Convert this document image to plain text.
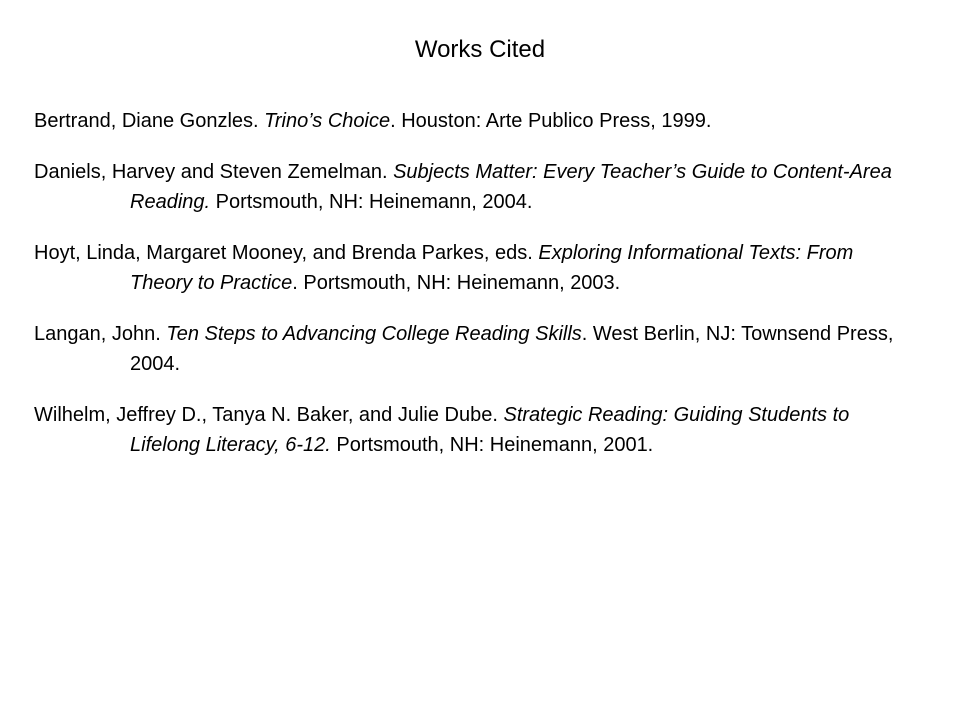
Works Cited

Bertrand, Diane Gonzles. Trino’s Choice. Houston: Arte Publico Press, 1999.

Daniels, Harvey and Steven Zemelman. Subjects Matter: Every Teacher’s Guide to Content-Area Reading. Portsmouth, NH: Heinemann, 2004.

Hoyt, Linda, Margaret Mooney, and Brenda Parkes, eds. Exploring Informational Texts: From Theory to Practice. Portsmouth, NH: Heinemann, 2003.

Langan, John. Ten Steps to Advancing College Reading Skills. West Berlin, NJ: Townsend Press, 2004.

Wilhelm, Jeffrey D., Tanya N. Baker, and Julie Dube. Strategic Reading: Guiding Students to Lifelong Literacy, 6-12. Portsmouth, NH: Heinemann, 2001.
